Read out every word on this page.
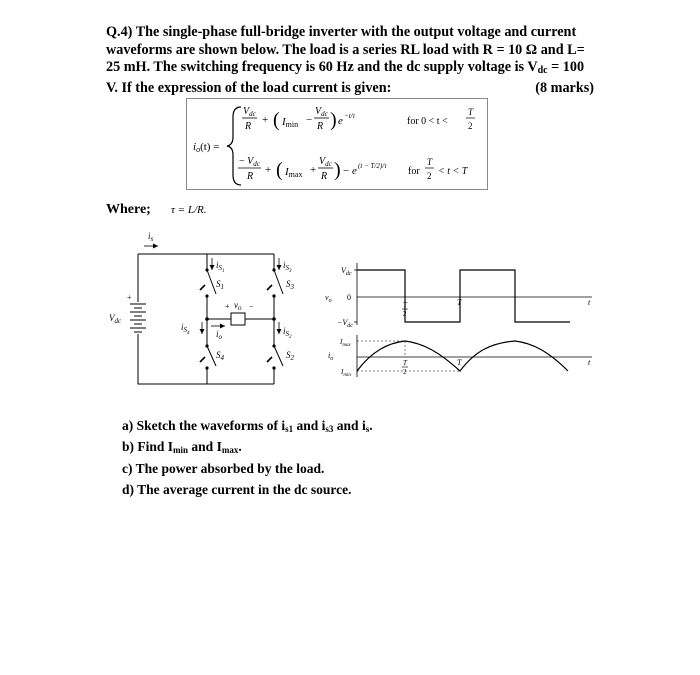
Q.4) The single-phase full-bridge inverter with the output voltage and current
waveforms are shown below. The load is a series RL load with R = 10 Ω and L=
25 mH. The switching frequency is 60 Hz and the dc supply voltage is $V_{dc} = 100$
V. If the expression of the load current is given:	(8 marks)
io(t) =
$V_{dc}$
R
+ ( Imin −
$V_{dc}$
R ) e −t/τ	for 0 < t <
T
2
− $V_{dc}$
R
+ ( Imax +
$V_{dc}$
R ) − e (t − T/2)/τ for
T
2 < t < T
Where; τ = L/R.
$i_s$
+
$V_{dc}$
$i_{S1}$
$S_1$
$i_{S4}$
$S_4$
$i_{S3}$
$S_3$
$i_{S2}$
$S_2$
+ $v_o$ −
$i_o$
$V_{dc}$
$v_o$ 0
$-V_{dc}$
T
2
T	t
$I_{max}$
$i_o$
$I_{min}$
T
2
T	t
a) Sketch the waveforms of is1 and is3 and is.
b) Find Imin and Imax.
c) The power absorbed by the load.
d) The average current in the dc source.
